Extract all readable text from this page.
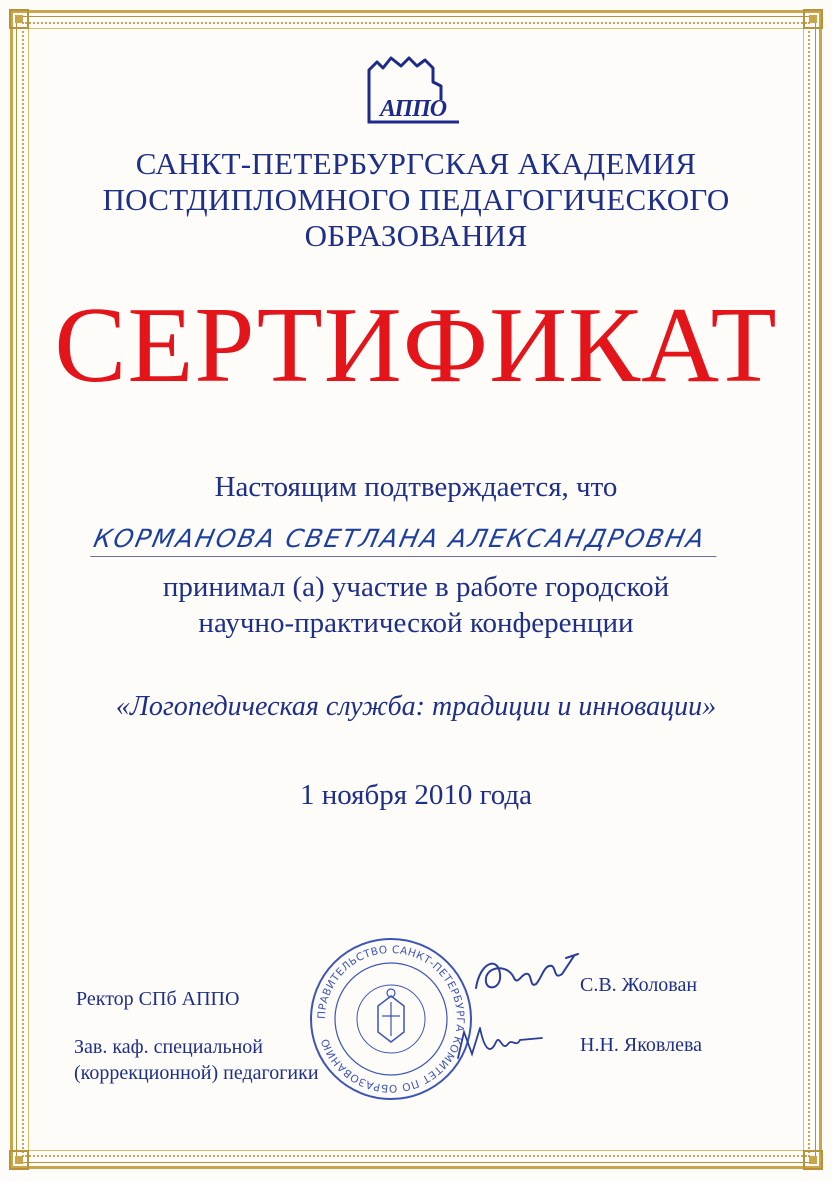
АППО
САНКТ-ПЕТЕРБУРГСКАЯ АКАДЕМИЯ
ПОСТДИПЛОМНОГО ПЕДАГОГИЧЕСКОГО
ОБРАЗОВАНИЯ
СЕРТИФИКАТ
Настоящим подтверждается, что
КОРМАНОВА СВЕТЛАНА АЛЕКСАНДРОВНА
принимал (а) участие в работе городской
научно-практической конференции
«Логопедическая служба: традиции и инновации»
1 ноября 2010 года
ПРАВИТЕЛЬСТВО САНКТ-ПЕТЕРБУРГА КОМИТЕТ ПО ОБРАЗОВАНИЮ
Ректор СПб АППО
С.В. Жолован
Зав. каф. специальной
(коррекционной) педагогики
Н.Н. Яковлева
